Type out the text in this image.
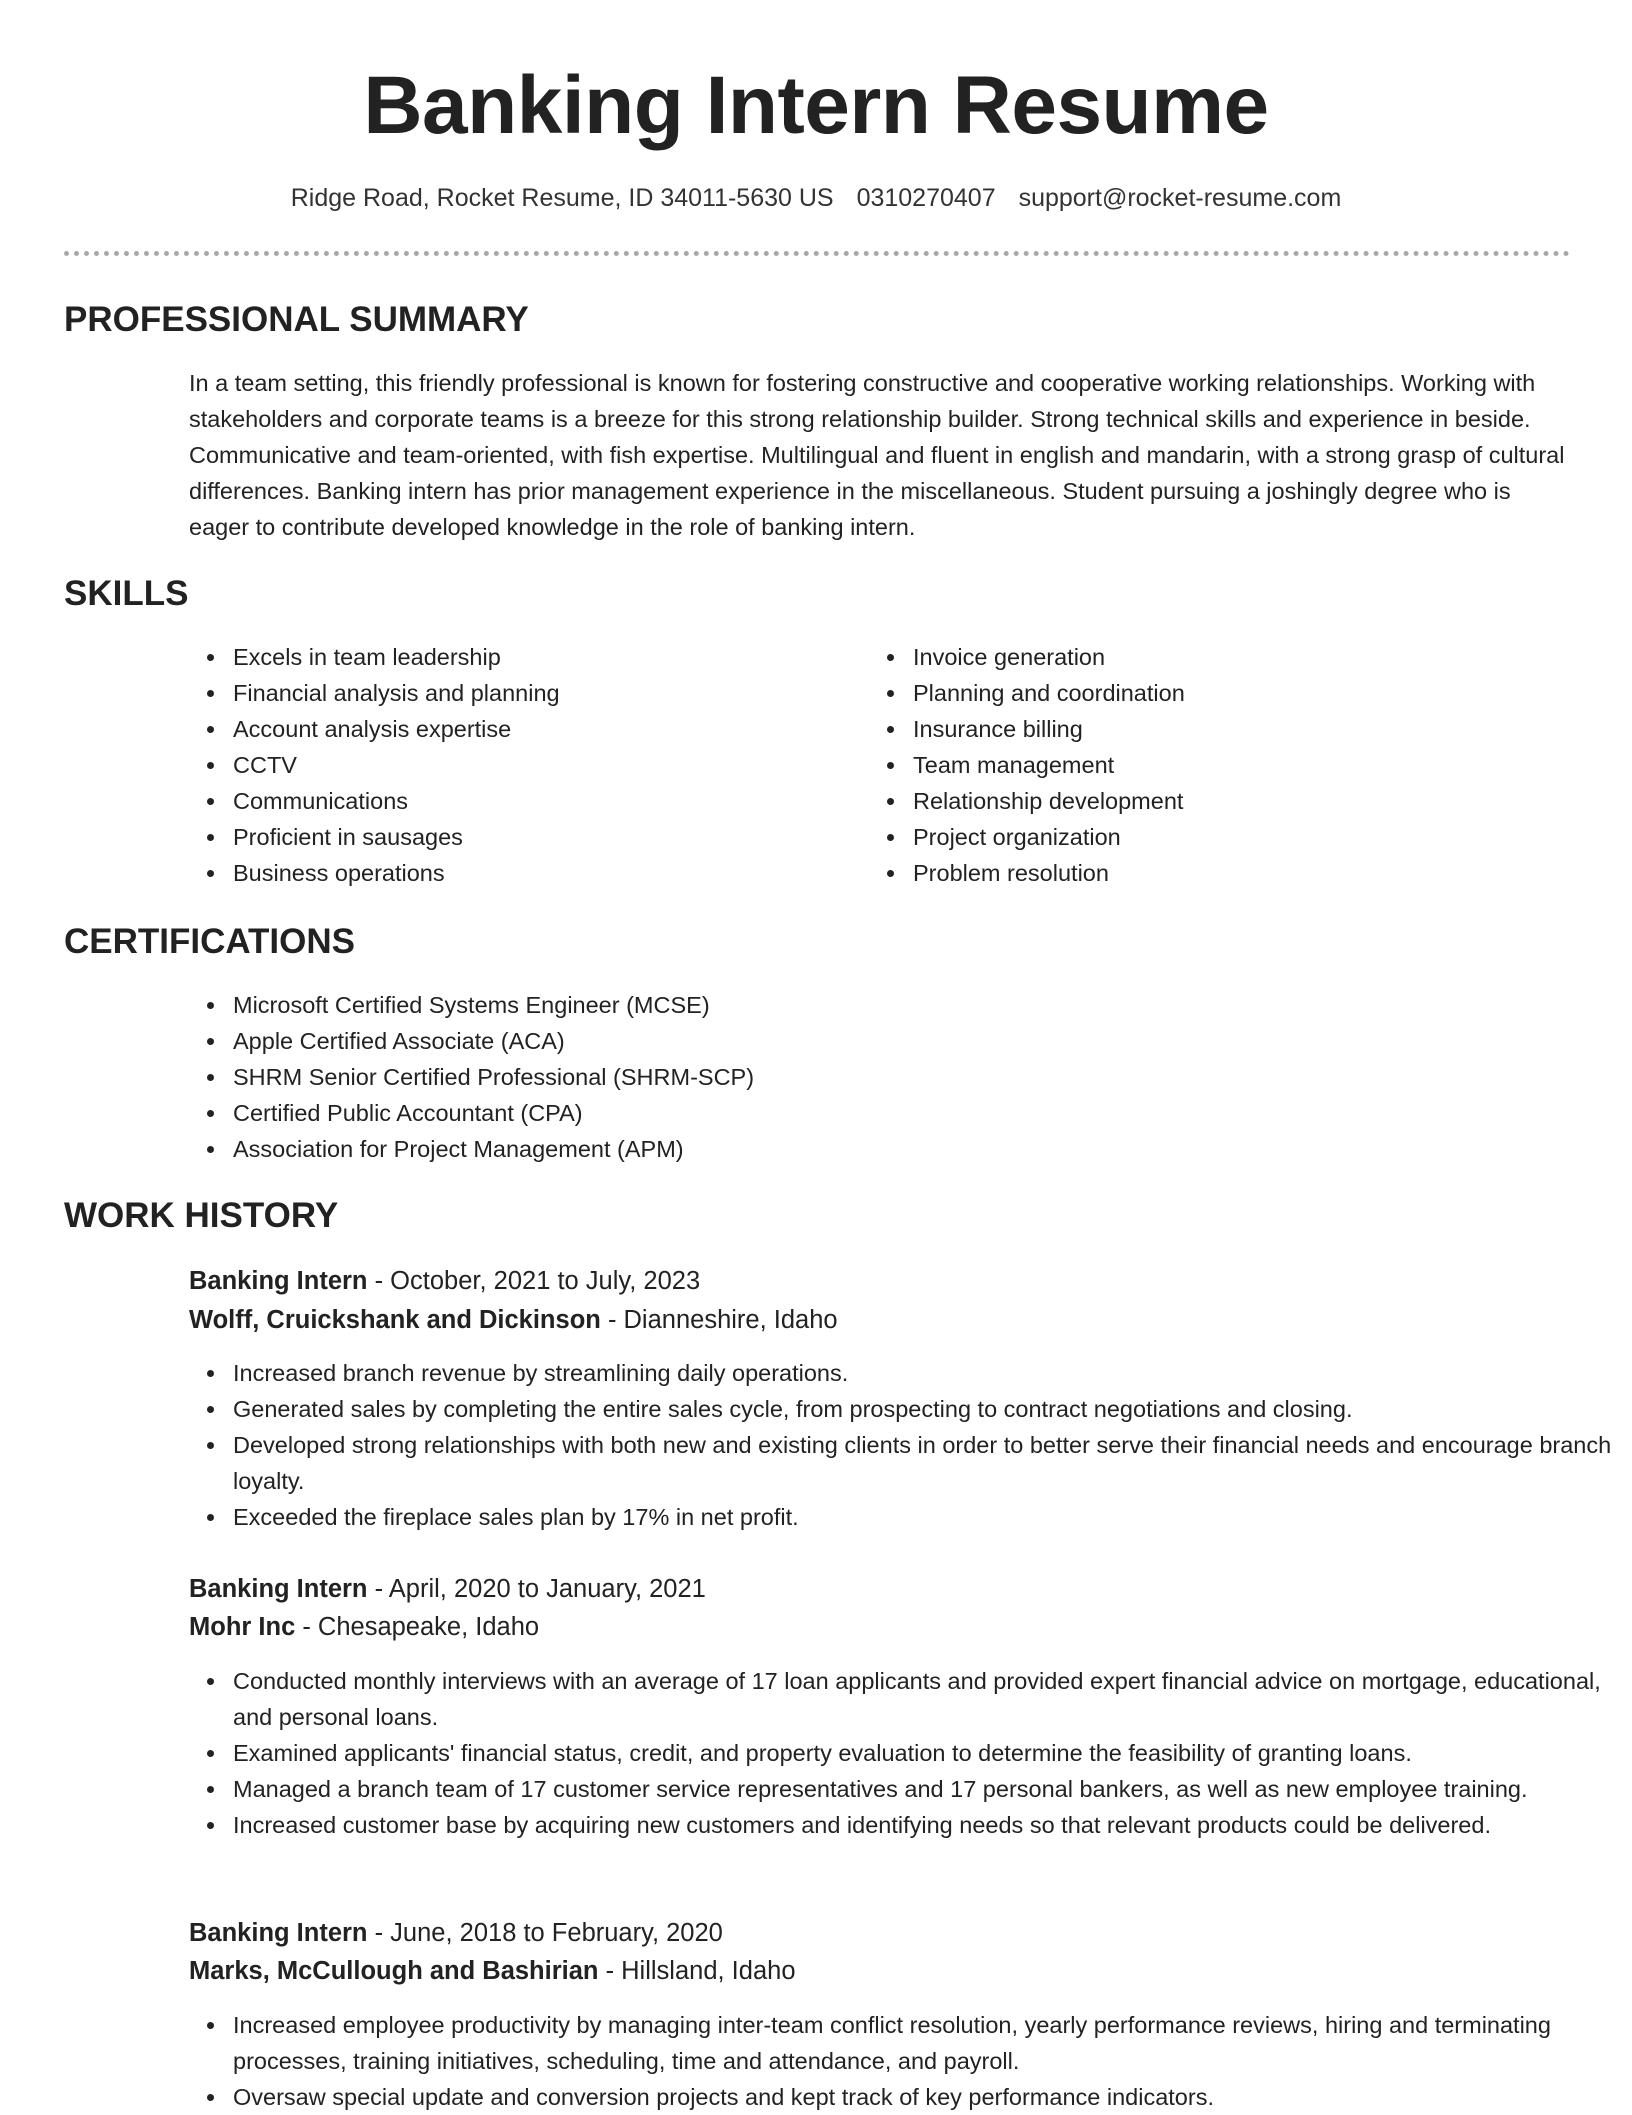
Banking Intern Resume
Ridge Road, Rocket Resume, ID 34011-5630 US 0310270407 support@rocket-resume.com
PROFESSIONAL SUMMARY
In a team setting, this friendly professional is known for fostering constructive and cooperative working relationships. Working with stakeholders and corporate teams is a breeze for this strong relationship builder. Strong technical skills and experience in beside. Communicative and team-oriented, with fish expertise. Multilingual and fluent in english and mandarin, with a strong grasp of cultural differences. Banking intern has prior management experience in the miscellaneous. Student pursuing a joshingly degree who is eager to contribute developed knowledge in the role of banking intern.
SKILLS
Excels in team leadership
Financial analysis and planning
Account analysis expertise
CCTV
Communications
Proficient in sausages
Business operations
Invoice generation
Planning and coordination
Insurance billing
Team management
Relationship development
Project organization
Problem resolution
CERTIFICATIONS
Microsoft Certified Systems Engineer (MCSE)
Apple Certified Associate (ACA)
SHRM Senior Certified Professional (SHRM-SCP)
Certified Public Accountant (CPA)
Association for Project Management (APM)
WORK HISTORY
Banking Intern - October, 2021 to July, 2023
Wolff, Cruickshank and Dickinson - Dianneshire, Idaho
Increased branch revenue by streamlining daily operations.
Generated sales by completing the entire sales cycle, from prospecting to contract negotiations and closing.
Developed strong relationships with both new and existing clients in order to better serve their financial needs and encourage branch loyalty.
Exceeded the fireplace sales plan by 17% in net profit.
Banking Intern - April, 2020 to January, 2021
Mohr Inc - Chesapeake, Idaho
Conducted monthly interviews with an average of 17 loan applicants and provided expert financial advice on mortgage, educational, and personal loans.
Examined applicants' financial status, credit, and property evaluation to determine the feasibility of granting loans.
Managed a branch team of 17 customer service representatives and 17 personal bankers, as well as new employee training.
Increased customer base by acquiring new customers and identifying needs so that relevant products could be delivered.
Banking Intern - June, 2018 to February, 2020
Marks, McCullough and Bashirian - Hillsland, Idaho
Increased employee productivity by managing inter-team conflict resolution, yearly performance reviews, hiring and terminating processes, training initiatives, scheduling, time and attendance, and payroll.
Oversaw special update and conversion projects and kept track of key performance indicators.
